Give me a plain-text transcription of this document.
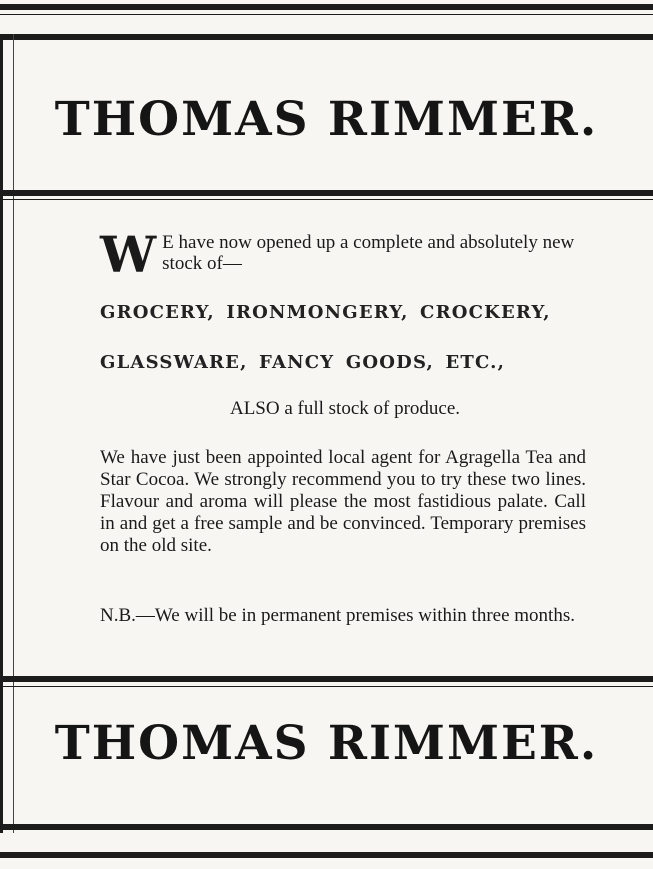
THOMAS RIMMER.
W E have now opened up a complete and absolutely new stock of—
GROCERY, IRONMONGERY, CROCKERY,
GLASSWARE, FANCY GOODS, ETC.,
ALSO a full stock of produce.
We have just been appointed local agent for Agragella Tea and Star Cocoa. We strongly recommend you to try these two lines. Flavour and aroma will please the most fastidious palate. Call in and get a free sample and be convinced. Temporary premises on the old site.
N.B.—We will be in permanent premises within three months.
THOMAS RIMMER.
